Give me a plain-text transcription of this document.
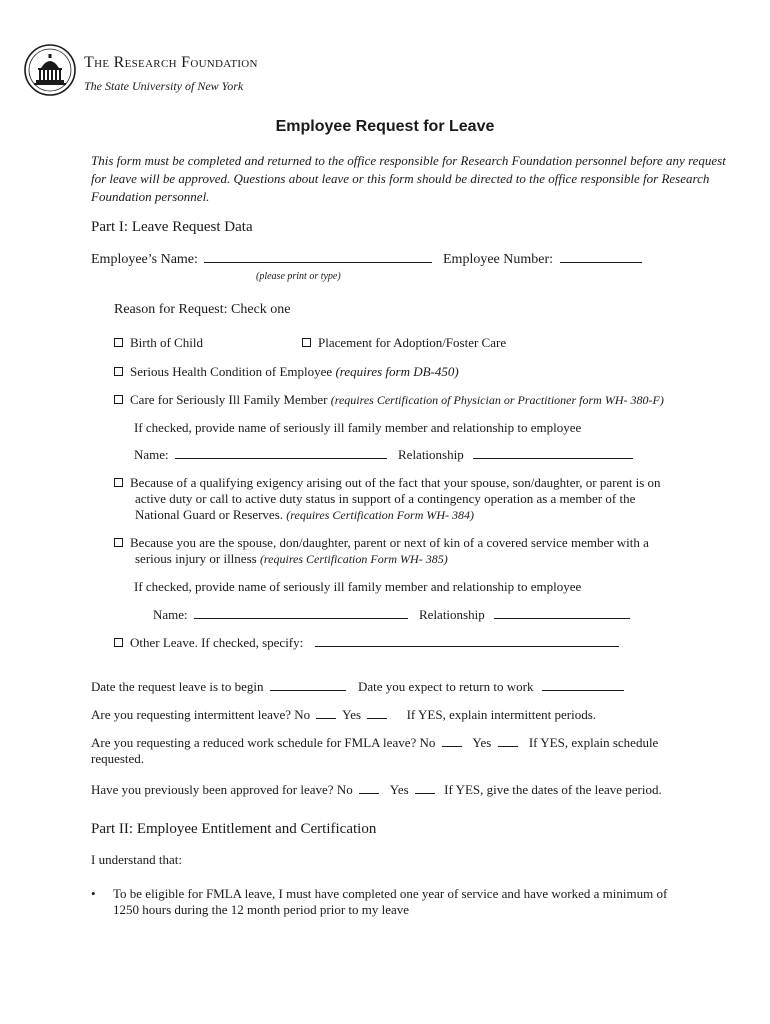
The Research Foundation
The State University of New York
Employee Request for Leave
This form must be completed and returned to the office responsible for Research Foundation personnel before any request
for leave will be approved. Questions about leave or this form should be directed to the office responsible for Research
Foundation personnel.
Part I: Leave Request Data
Employee’s Name:	Employee Number:
(please print or type)
Reason for Request: Check one
Birth of Child	Placement for Adoption/Foster Care
Serious Health Condition of Employee (requires form DB-450)
Care for Seriously Ill Family Member (requires Certification of Physician or Practitioner form WH- 380-F)
If checked, provide name of seriously ill family member and relationship to employee
Name:	Relationship
Because of a qualifying exigency arising out of the fact that your spouse, son/daughter, or parent is on
active duty or call to active duty status in support of a contingency operation as a member of the
National Guard or Reserves. (requires Certification Form WH- 384)
Because you are the spouse, don/daughter, parent or next of kin of a covered service member with a
serious injury or illness (requires Certification Form WH- 385)
If checked, provide name of seriously ill family member and relationship to employee
Name:	Relationship
Other Leave. If checked, specify:
Date the request leave is to begin	Date you expect to return to work
Are you requesting intermittent leave? No Yes	If YES, explain intermittent periods.
Are you requesting a reduced work schedule for FMLA leave? No	Yes	If YES, explain schedule
requested.
Have you previously been approved for leave? No	Yes	If YES, give the dates of the leave period.
Part II: Employee Entitlement and Certification
I understand that:
• To be eligible for FMLA leave, I must have completed one year of service and have worked a minimum of
1250 hours during the 12 month period prior to my leave
